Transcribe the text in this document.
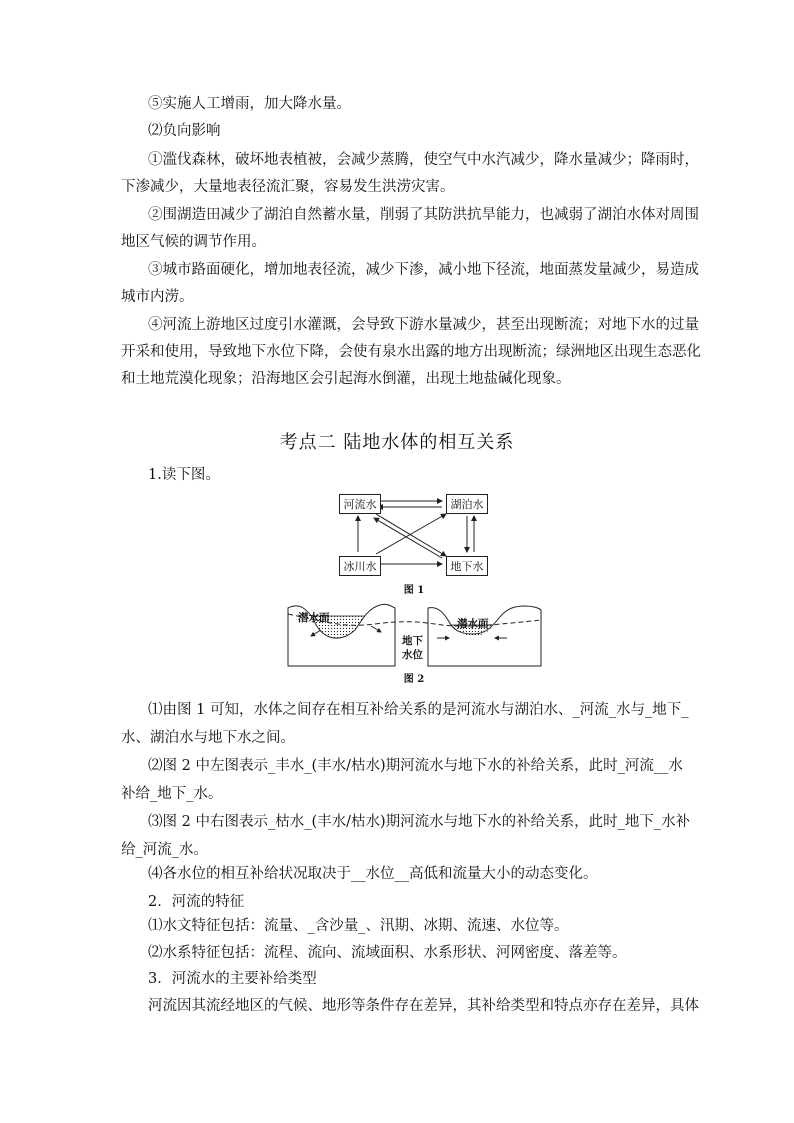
⑤实施人工增雨，加大降水量。
⑵负向影响
①滥伐森林，破坏地表植被，会减少蒸腾，使空气中水汽减少，降水量减少；降雨时，
下渗减少，大量地表径流汇聚，容易发生洪涝灾害。
②围湖造田减少了湖泊自然蓄水量，削弱了其防洪抗旱能力，也减弱了湖泊水体对周围
地区气候的调节作用。
③城市路面硬化，增加地表径流，减少下渗，减小地下径流，地面蒸发量减少，易造成
城市内涝。
④河流上游地区过度引水灌溉，会导致下游水量减少，甚至出现断流；对地下水的过量
开采和使用，导致地下水位下降，会使有泉水出露的地方出现断流；绿洲地区出现生态恶化
和土地荒漠化现象；沿海地区会引起海水倒灌，出现土地盐碱化现象。
考点二 陆地水体的相互关系
1.读下图。
河流水	湖泊水
冰川水	地下水
图 1
潜水面	潜水面
地下
水位
图 2
⑴由图 1 可知，水体之间存在相互补给关系的是河流水与湖泊水、_河流_水与_地下_
水、湖泊水与地下水之间。
⑵图 2 中左图表示_丰水_(丰水/枯水)期河流水与地下水的补给关系，此时_河流__水
补给_地下_水。
⑶图 2 中右图表示_枯水_(丰水/枯水)期河流水与地下水的补给关系，此时_地下_水补
给_河流_水。
⑷各水位的相互补给状况取决于__水位__高低和流量大小的动态变化。
2．河流的特征
⑴水文特征包括：流量、_含沙量_、汛期、冰期、流速、水位等。
⑵水系特征包括：流程、流向、流域面积、水系形状、河网密度、落差等。
3．河流水的主要补给类型
河流因其流经地区的气候、地形等条件存在差异，其补给类型和特点亦存在差异，具体
